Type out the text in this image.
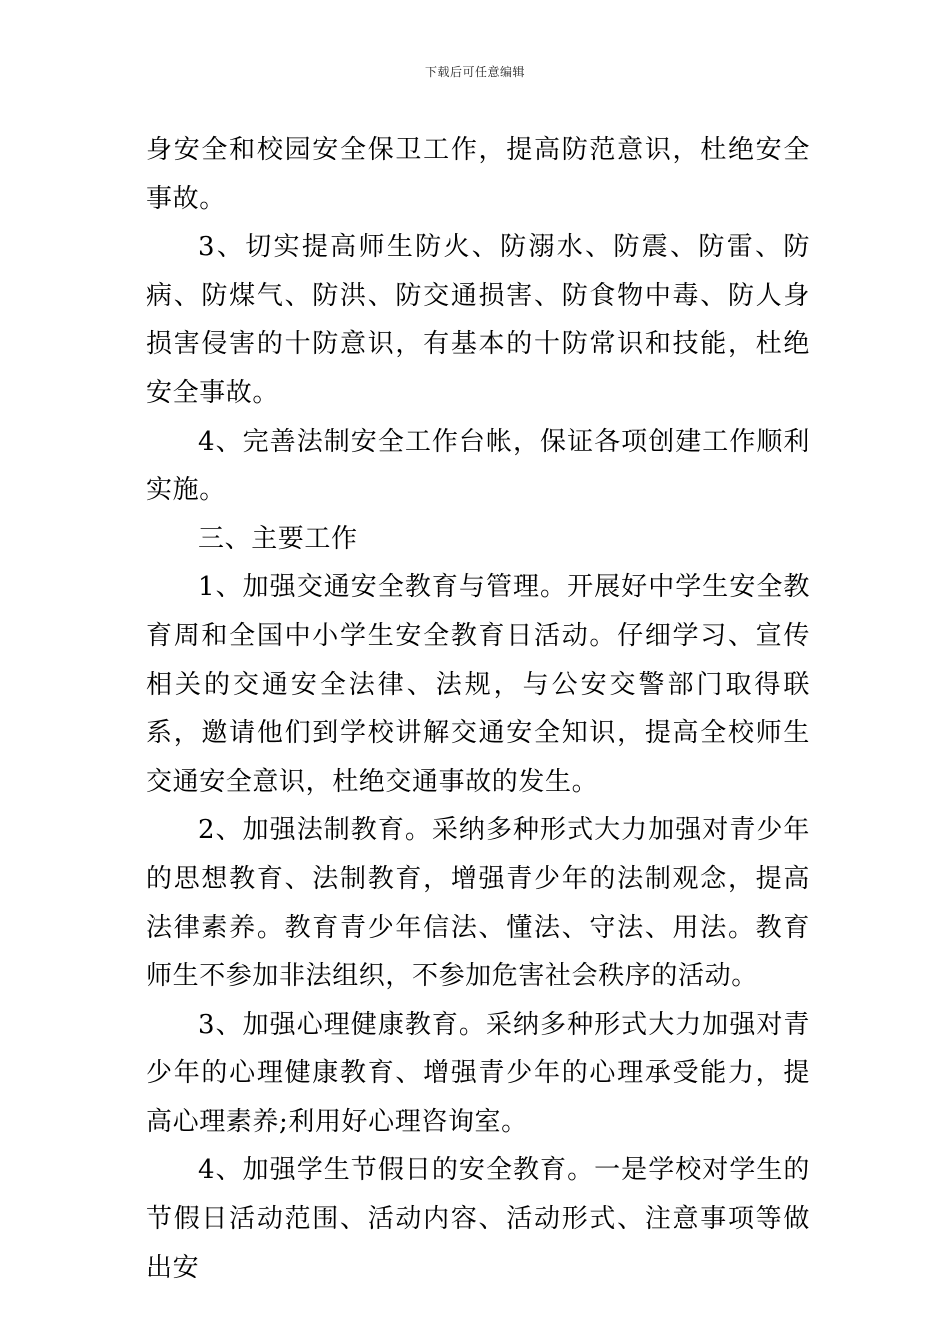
下载后可任意编辑

身安全和校园安全保卫工作，提高防范意识，杜绝安全事故。

3、切实提高师生防火、防溺水、防震、防雷、防病、防煤气、防洪、防交通损害、防食物中毒、防人身损害侵害的十防意识，有基本的十防常识和技能，杜绝安全事故。

4、完善法制安全工作台帐，保证各项创建工作顺利实施。

三、主要工作

1、加强交通安全教育与管理。开展好中学生安全教育周和全国中小学生安全教育日活动。仔细学习、宣传相关的交通安全法律、法规，与公安交警部门取得联系，邀请他们到学校讲解交通安全知识，提高全校师生交通安全意识，杜绝交通事故的发生。

2、加强法制教育。采纳多种形式大力加强对青少年的思想教育、法制教育，增强青少年的法制观念，提高法律素养。教育青少年信法、懂法、守法、用法。教育师生不参加非法组织，不参加危害社会秩序的活动。

3、加强心理健康教育。采纳多种形式大力加强对青少年的心理健康教育、增强青少年的心理承受能力，提高心理素养;利用好心理咨询室。

4、加强学生节假日的安全教育。一是学校对学生的节假日活动范围、活动内容、活动形式、注意事项等做出安
